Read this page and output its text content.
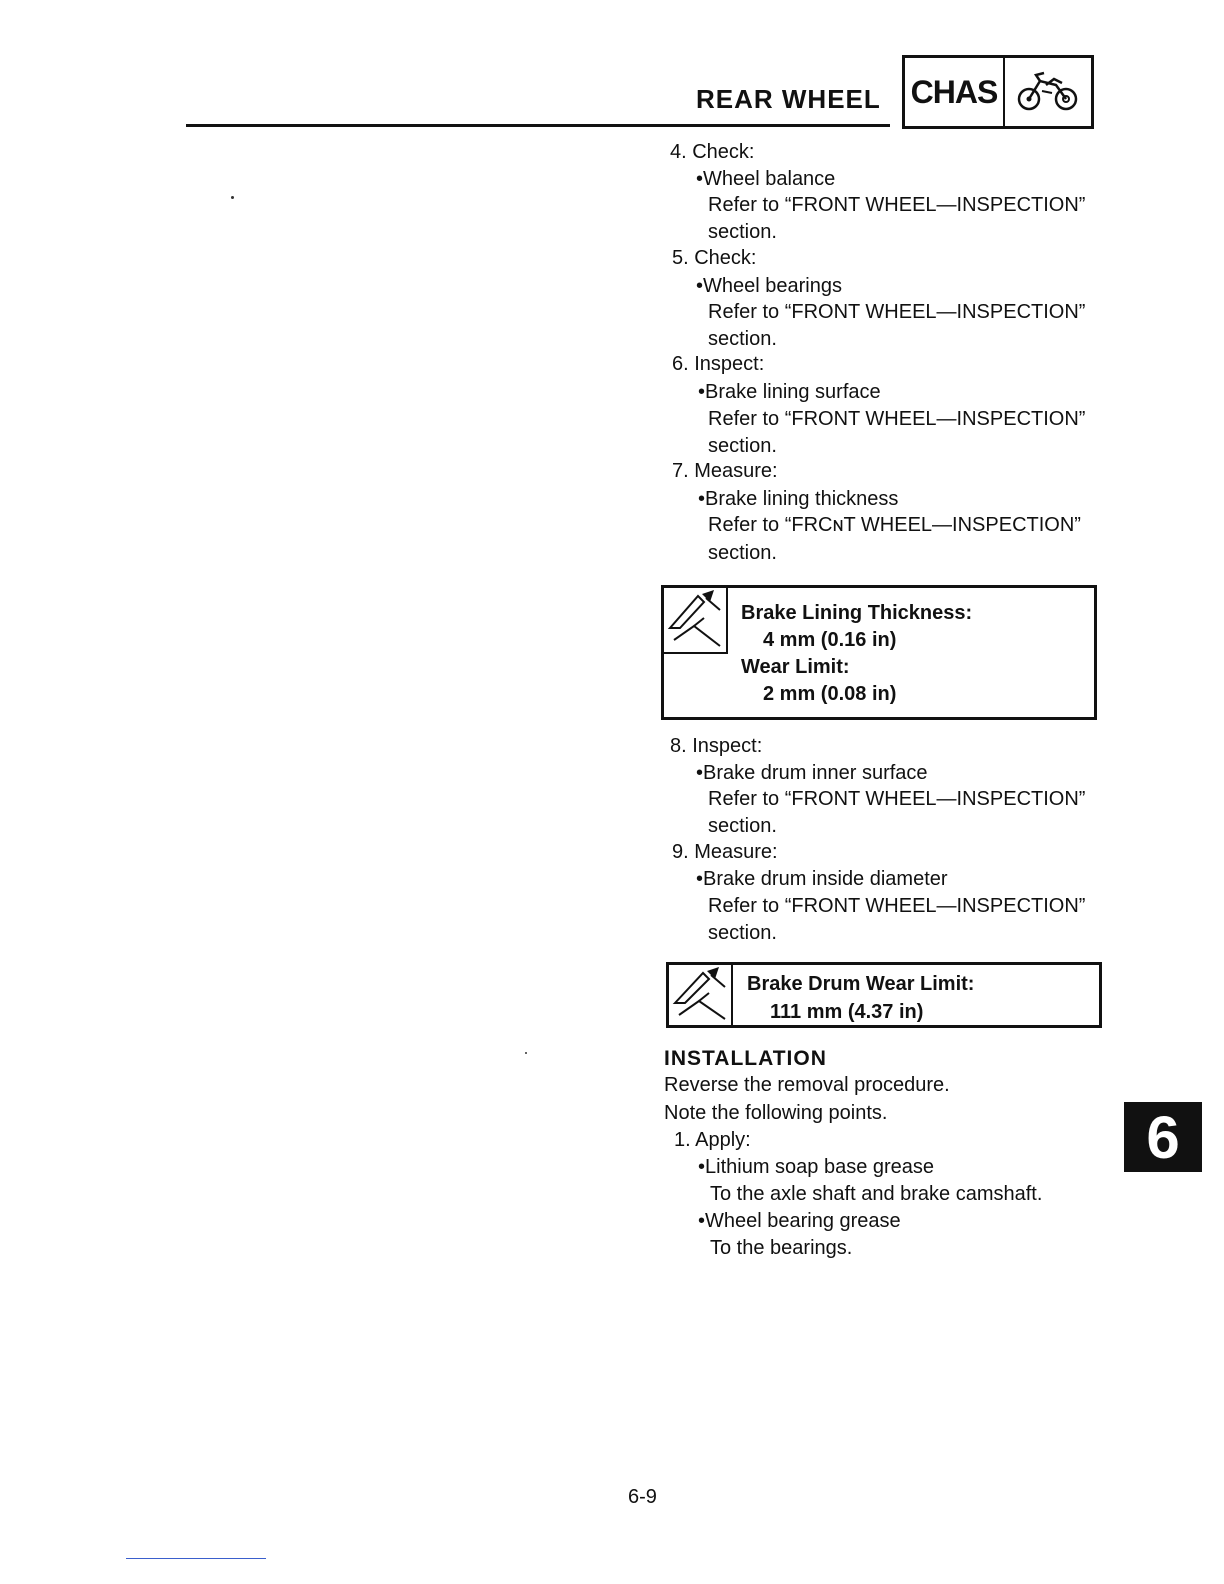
REAR WHEEL CHAS
4. Check:
•Wheel balance
Refer to “FRONT WHEEL—INSPECTION”
section.
5. Check:
•Wheel bearings
Refer to “FRONT WHEEL—INSPECTION”
section.
6. Inspect:
•Brake lining surface
Refer to “FRONT WHEEL—INSPECTION”
section.
7. Measure:
•Brake lining thickness
Refer to “FRCɴT WHEEL—INSPECTION”
section.
Brake Lining Thickness:
4 mm (0.16 in)
Wear Limit:
2 mm (0.08 in)
8. Inspect:
•Brake drum inner surface
Refer to “FRONT WHEEL—INSPECTION”
section.
9. Measure:
•Brake drum inside diameter
Refer to “FRONT WHEEL—INSPECTION”
section.
Brake Drum Wear Limit:
111 mm (4.37 in)
INSTALLATION
Reverse the removal procedure.
Note the following points.
1. Apply:
•Lithium soap base grease
To the axle shaft and brake camshaft.
•Wheel bearing grease
To the bearings.
6
6-9
